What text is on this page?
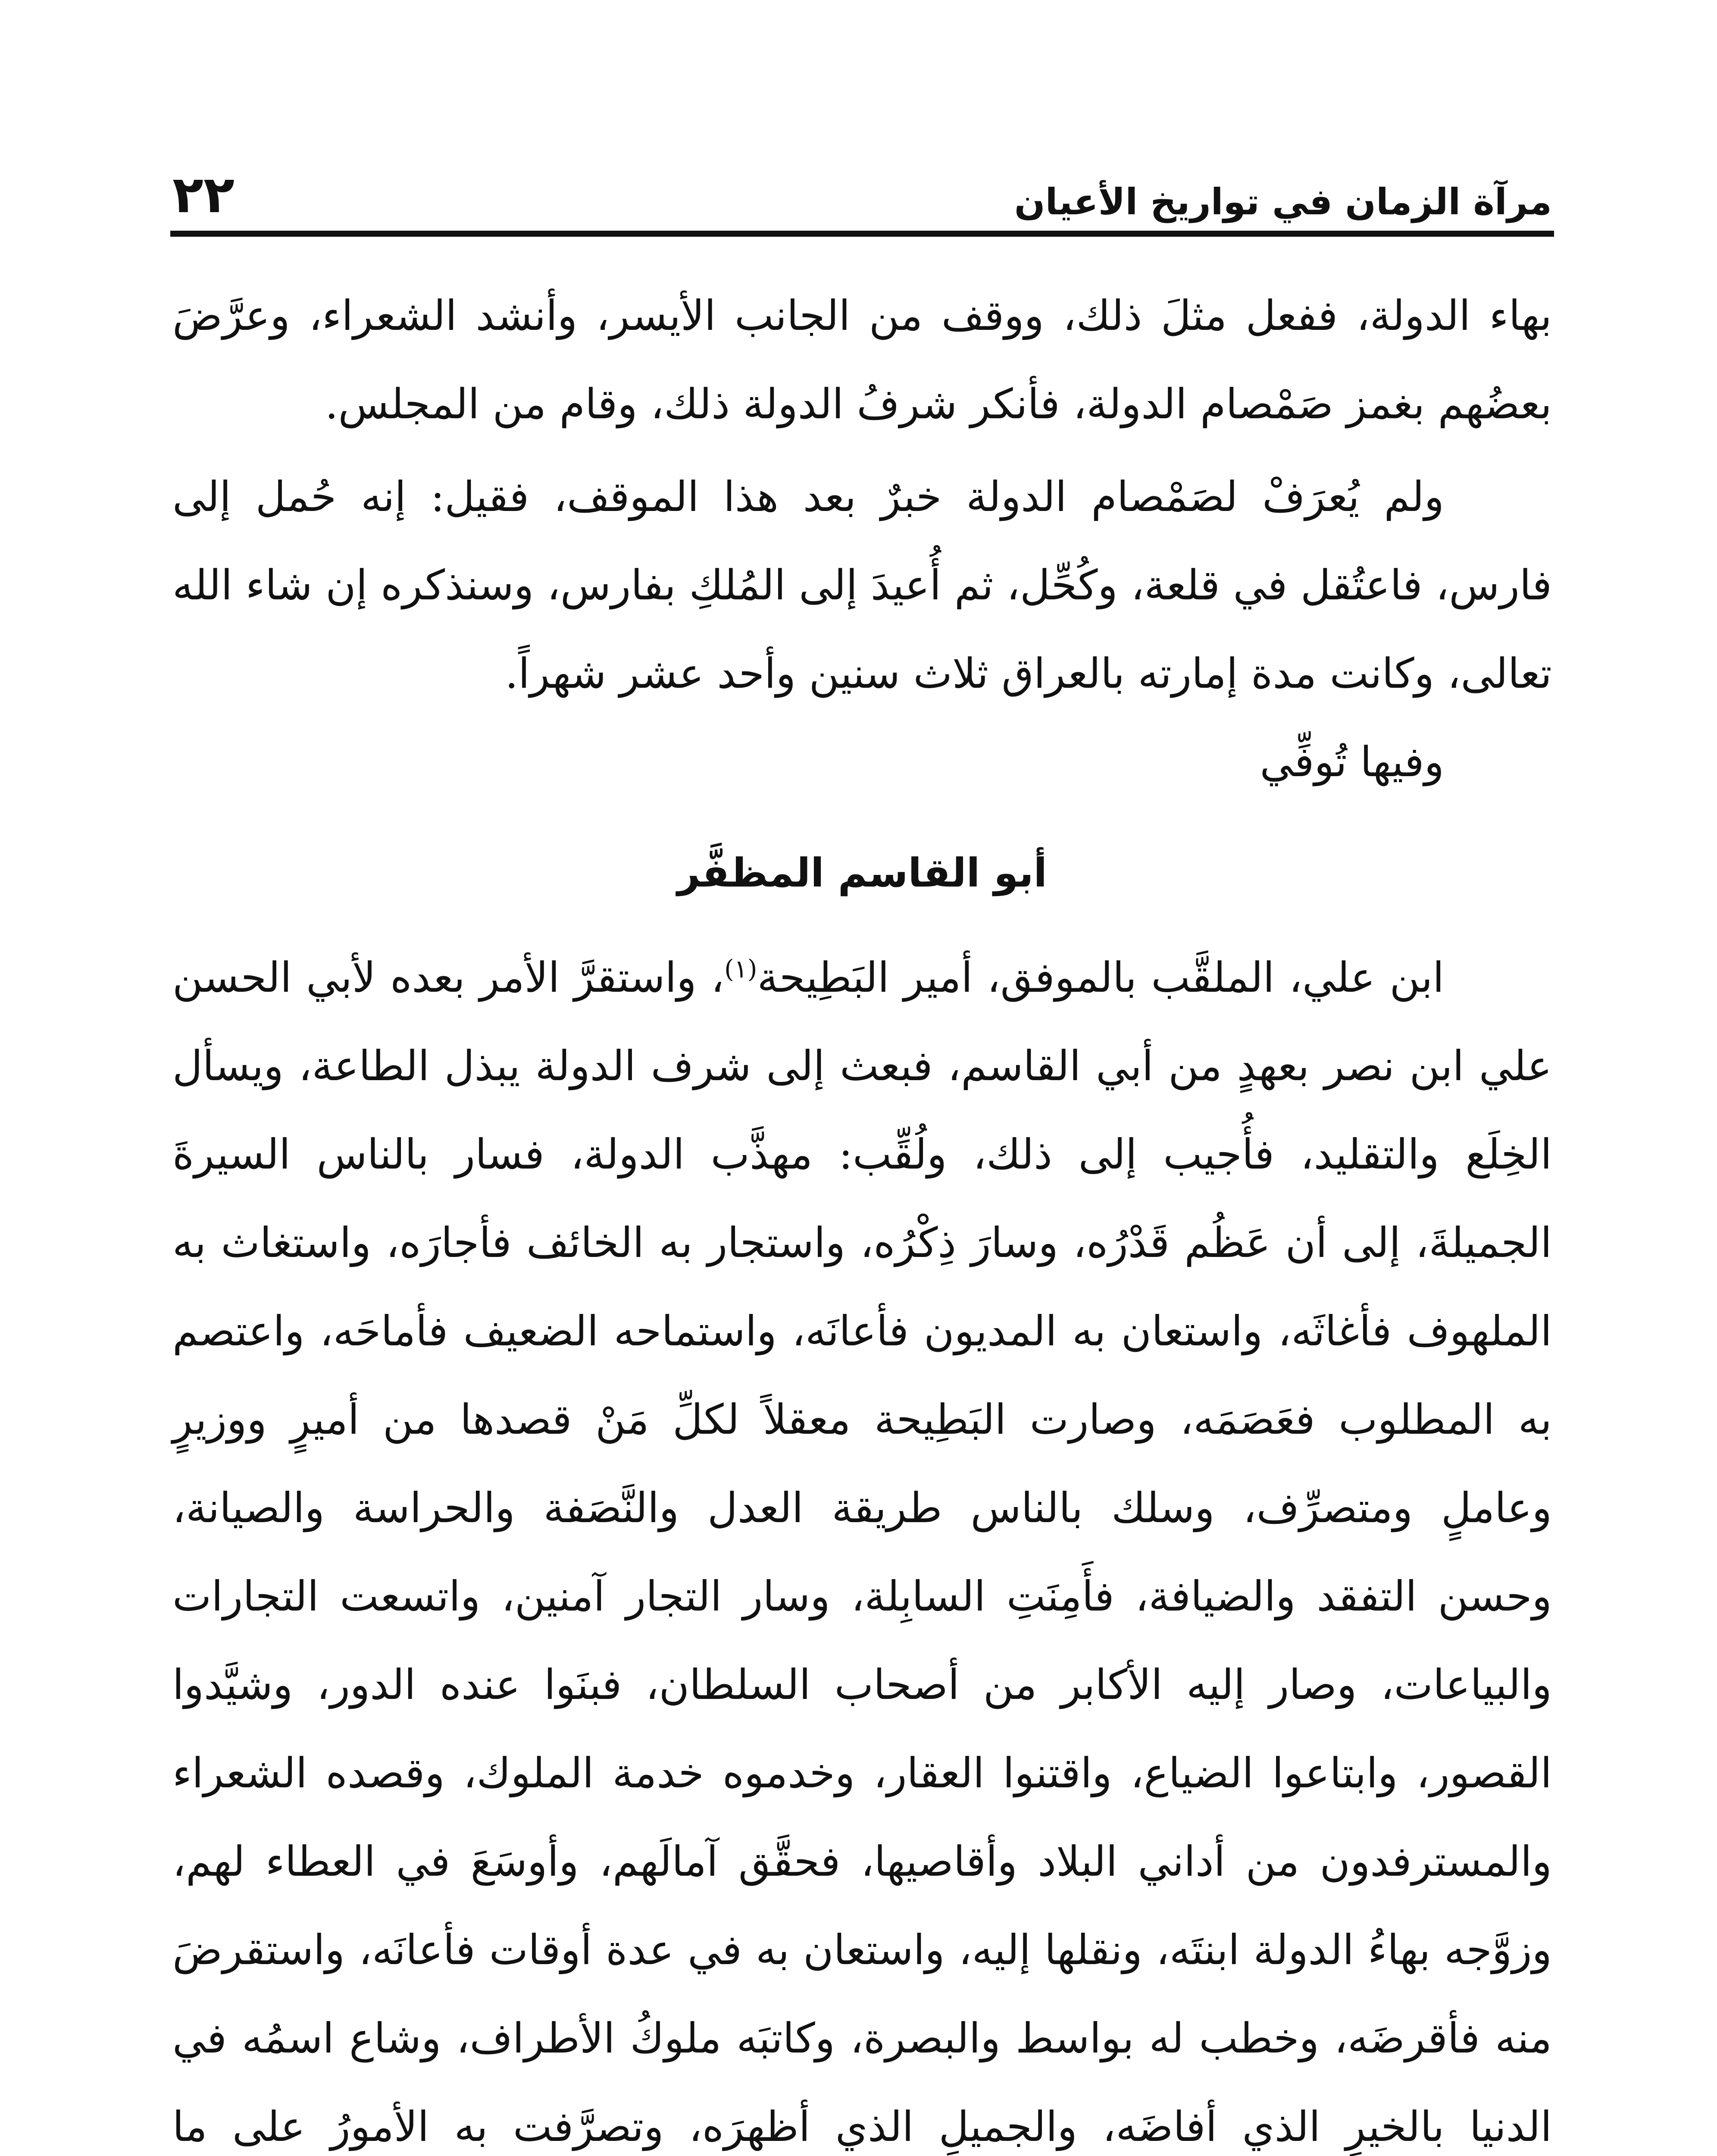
مرآة الزمان في تواريخ الأعيان
٢٢

بهاء الدولة، ففعل مثلَ ذلك، ووقف من الجانب الأيسر، وأنشد الشعراء، وعرَّضَ بعضُهم بغمز صَمْصام الدولة، فأنكر شرفُ الدولة ذلك، وقام من المجلس.

ولم يُعرَفْ لصَمْصام الدولة خبرٌ بعد هذا الموقف، فقيل: إنه حُمل إلى فارس، فاعتُقل في قلعة، وكُحِّل، ثم أُعيدَ إلى المُلكِ بفارس، وسنذكره إن شاء الله تعالى، وكانت مدة إمارته بالعراق ثلاث سنين وأحد عشر شهراً.

وفيها تُوفِّي

أبو القاسم المظفَّر

ابن علي، الملقَّب بالموفق، أمير البَطِيحة$^{(١)}$، واستقرَّ الأمر بعده لأبي الحسن علي ابن نصر بعهدٍ من أبي القاسم، فبعث إلى شرف الدولة يبذل الطاعة، ويسأل الخِلَع والتقليد، فأُجيب إلى ذلك، ولُقِّب: مهذَّب الدولة، فسار بالناس السيرةَ الجميلةَ، إلى أن عَظُم قَدْرُه، وسارَ ذِكْرُه، واستجار به الخائف فأجارَه، واستغاث به الملهوف فأغاثَه، واستعان به المديون فأعانَه، واستماحه الضعيف فأماحَه، واعتصم به المطلوب فعَصَمَه، وصارت البَطِيحة معقلاً لكلِّ مَنْ قصدها من أميرٍ ووزيرٍ وعاملٍ ومتصرِّف، وسلك بالناس طريقة العدل والنَّصَفة والحراسة والصيانة، وحسن التفقد والضيافة، فأَمِنَتِ السابِلة، وسار التجار آمنين، واتسعت التجارات والبياعات، وصار إليه الأكابر من أصحاب السلطان، فبنَوا عنده الدور، وشيَّدوا القصور، وابتاعوا الضياع، واقتنوا العقار، وخدموه خدمة الملوك، وقصده الشعراء والمسترفدون من أداني البلاد وأقاصيها، فحقَّق آمالَهم، وأوسَعَ في العطاء لهم، وزوَّجه بهاءُ الدولة ابنتَه، ونقلها إليه، واستعان به في عدة أوقات فأعانَه، واستقرضَ منه فأقرضَه، وخطب له بواسط والبصرة، وكاتبَه ملوكُ الأطراف، وشاع اسمُه في الدنيا بالخيرِ الذي أفاضَه، والجميلِ الذي أظهرَه، وتصرَّفت به الأمورُ على ما
